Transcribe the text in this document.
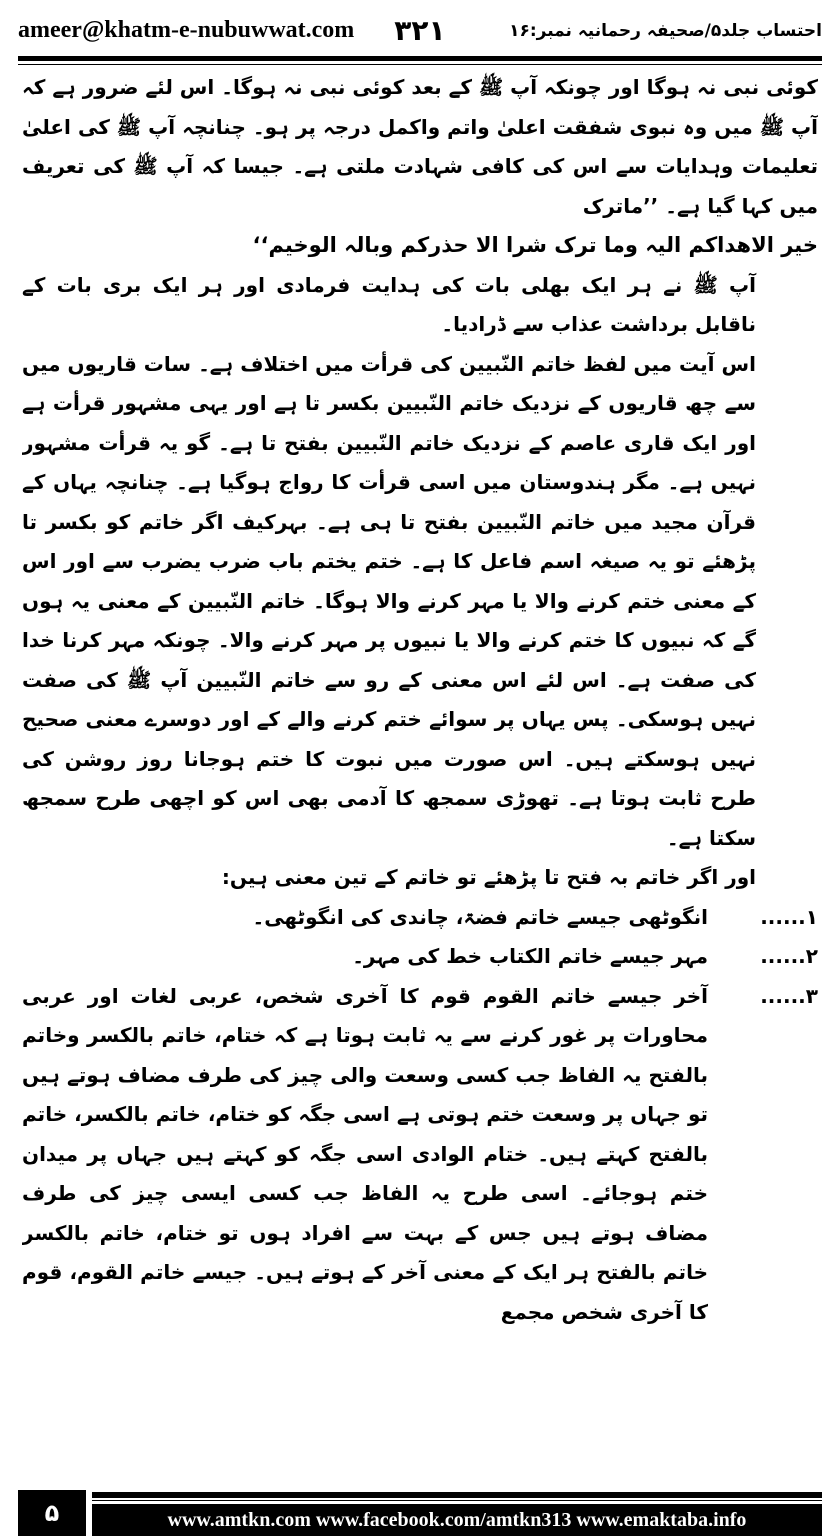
ameer@khatm-e-nubuwwat.com ۳۲۱	احتساب جلد۵/صحیفہ رحمانیہ نمبر:۱۶

کوئی نبی نہ ہوگا اور چونکہ آپ ﷺ کے بعد کوئی نبی نہ ہوگا۔ اس لئے ضرور ہے کہ آپ ﷺ میں وہ نبوی شفقت اعلیٰ واتم واکمل درجہ پر ہو۔ چنانچہ آپ ﷺ کی اعلیٰ تعلیمات وہدایات سے اس کی کافی شہادت ملتی ہے۔ جیسا کہ آپ ﷺ کی تعریف میں کہا گیا ہے۔ ’’ماترک

خیر الاھداکم الیہ وما ترک شرا الا حذرکم وبالہ الوخیم‘‘

آپ ﷺ نے ہر ایک بھلی بات کی ہدایت فرمادی اور ہر ایک بری بات کے ناقابل برداشت عذاب سے ڈرادیا۔

اس آیت میں لفظ خاتم النّبیین کی قرأت میں اختلاف ہے۔ سات قاریوں میں سے چھ قاریوں کے نزدیک خاتم النّبیین بکسر تا ہے اور یہی مشہور قرأت ہے اور ایک قاری عاصم کے نزدیک خاتم النّبیین بفتح تا ہے۔ گو یہ قرأت مشہور نہیں ہے۔ مگر ہندوستان میں اسی قرأت کا رواج ہوگیا ہے۔ چنانچہ یہاں کے قرآن مجید میں خاتم النّبیین بفتح تا ہی ہے۔ بہرکیف اگر خاتم کو بکسر تا پڑھئے تو یہ صیغہ اسم فاعل کا ہے۔ ختم یختم باب ضرب یضرب سے اور اس کے معنی ختم کرنے والا یا مہر کرنے والا ہوگا۔ خاتم النّبیین کے معنی یہ ہوں گے کہ نبیوں کا ختم کرنے والا یا نبیوں پر مہر کرنے والا۔ چونکہ مہر کرنا خدا کی صفت ہے۔ اس لئے اس معنی کے رو سے خاتم النّبیین آپ ﷺ کی صفت نہیں ہوسکی۔ پس یہاں پر سوائے ختم کرنے والے کے اور دوسرے معنی صحیح نہیں ہوسکتے ہیں۔ اس صورت میں نبوت کا ختم ہوجانا روز روشن کی طرح ثابت ہوتا ہے۔ تھوڑی سمجھ کا آدمی بھی اس کو اچھی طرح سمجھ سکتا ہے۔

اور اگر خاتم بہ فتح تا پڑھئے تو خاتم کے تین معنی ہیں:

۱......
انگوٹھی جیسے خاتم فضۃ، چاندی کی انگوٹھی۔

۲......
مہر جیسے خاتم الکتاب خط کی مہر۔

۳......
آخر جیسے خاتم القوم قوم کا آخری شخص، عربی لغات اور عربی محاورات پر غور کرنے سے یہ ثابت ہوتا ہے کہ ختام، خاتم بالکسر وخاتم بالفتح یہ الفاظ جب کسی وسعت والی چیز کی طرف مضاف ہوتے ہیں تو جہاں پر وسعت ختم ہوتی ہے اسی جگہ کو ختام، خاتم بالکسر، خاتم بالفتح کہتے ہیں۔ ختام الوادی اسی جگہ کو کہتے ہیں جہاں پر میدان ختم ہوجائے۔ اسی طرح یہ الفاظ جب کسی ایسی چیز کی طرف مضاف ہوتے ہیں جس کے بہت سے افراد ہوں تو ختام، خاتم بالکسر خاتم بالفتح ہر ایک کے معنی آخر کے ہوتے ہیں۔ جیسے خاتم القوم، قوم کا آخری شخص مجمع

۵	www.amtkn.com www.facebook.com/amtkn313 www.emaktaba.info
